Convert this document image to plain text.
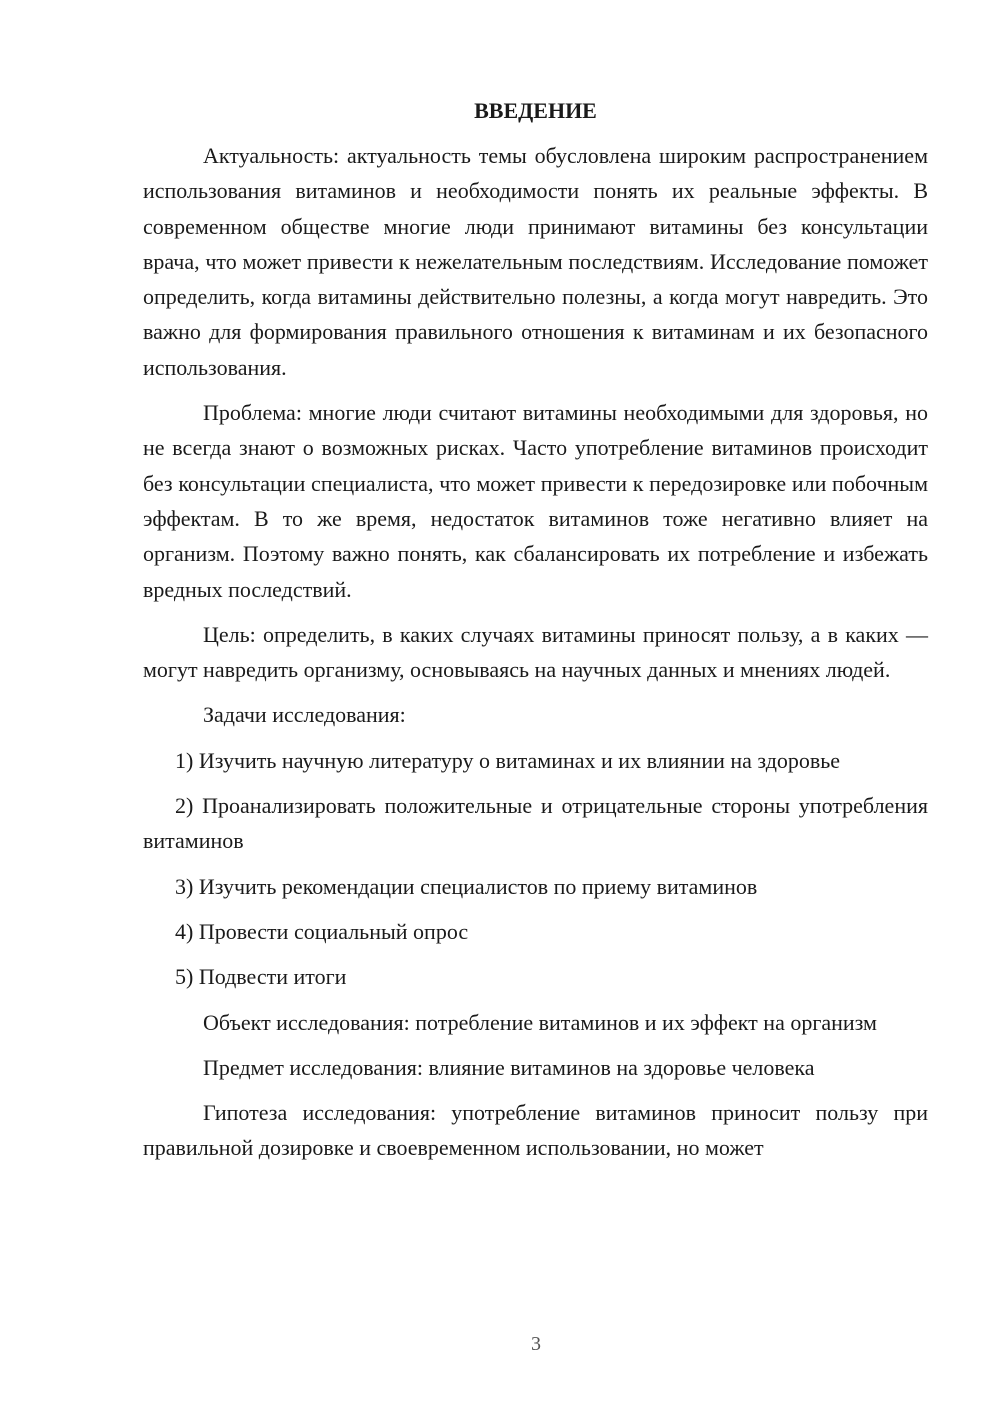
ВВЕДЕНИЕ

Актуальность: актуальность темы обусловлена широким распространением использования витаминов и необходимости понять их реальные эффекты. В современном обществе многие люди принимают витамины без консультации врача, что может привести к нежелательным последствиям. Исследование поможет определить, когда витамины действительно полезны, а когда могут навредить. Это важно для формирования правильного отношения к витаминам и их безопасного использования.

Проблема: многие люди считают витамины необходимыми для здоровья, но не всегда знают о возможных рисках. Часто употребление витаминов происходит без консультации специалиста, что может привести к передозировке или побочным эффектам. В то же время, недостаток витаминов тоже негативно влияет на организм. Поэтому важно понять, как сбалансировать их потребление и избежать вредных последствий.

Цель: определить, в каких случаях витамины приносят пользу, а в каких — могут навредить организму, основываясь на научных данных и мнениях людей.

Задачи исследования:

1) Изучить научную литературу о витаминах и их влиянии на здоровье

2) Проанализировать положительные и отрицательные стороны употребления витаминов

3) Изучить рекомендации специалистов по приему витаминов

4) Провести социальный опрос

5) Подвести итоги

Объект исследования: потребление витаминов и их эффект на организм

Предмет исследования: влияние витаминов на здоровье человека

Гипотеза исследования: употребление витаминов приносит пользу при правильной дозировке и своевременном использовании, но может

3
